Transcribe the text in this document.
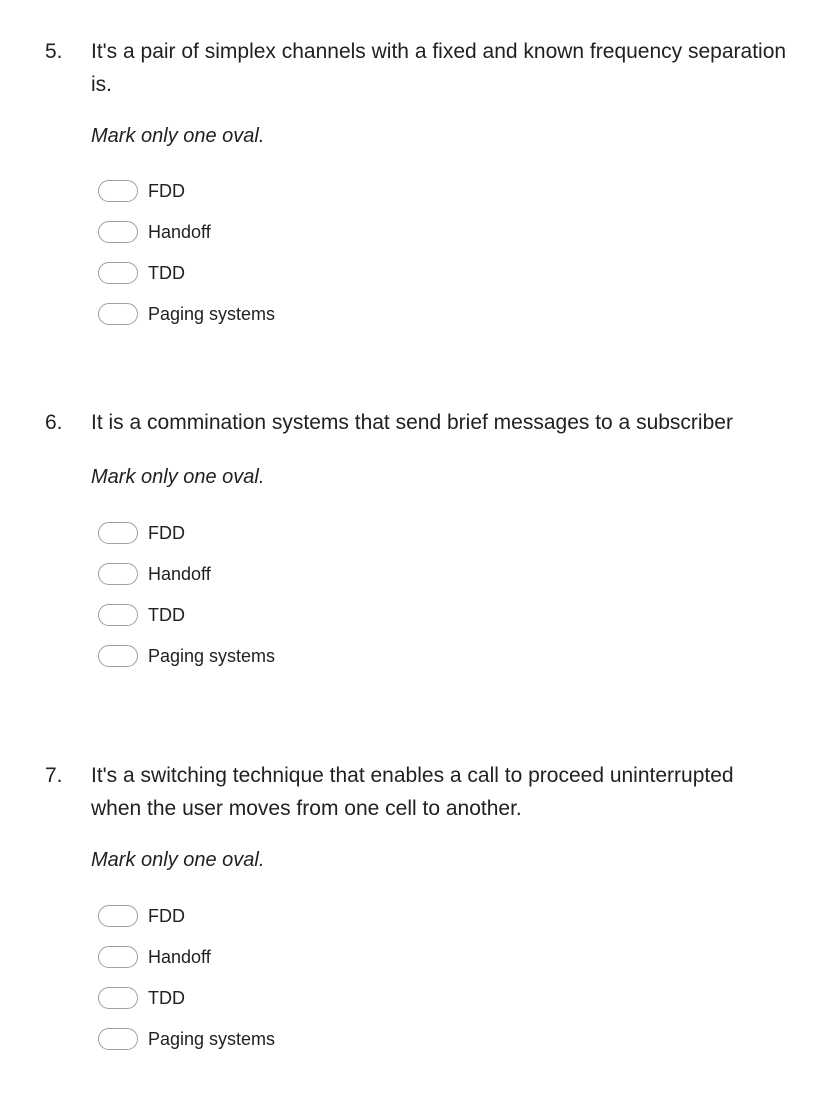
5. It's a pair of simplex channels with a fixed and known frequency separation
is.
Mark only one oval.
FDD
Handoff
TDD
Paging systems
6. It is a commination systems that send brief messages to a subscriber
Mark only one oval.
FDD
Handoff
TDD
Paging systems
7. It's a switching technique that enables a call to proceed uninterrupted
when the user moves from one cell to another.
Mark only one oval.
FDD
Handoff
TDD
Paging systems
